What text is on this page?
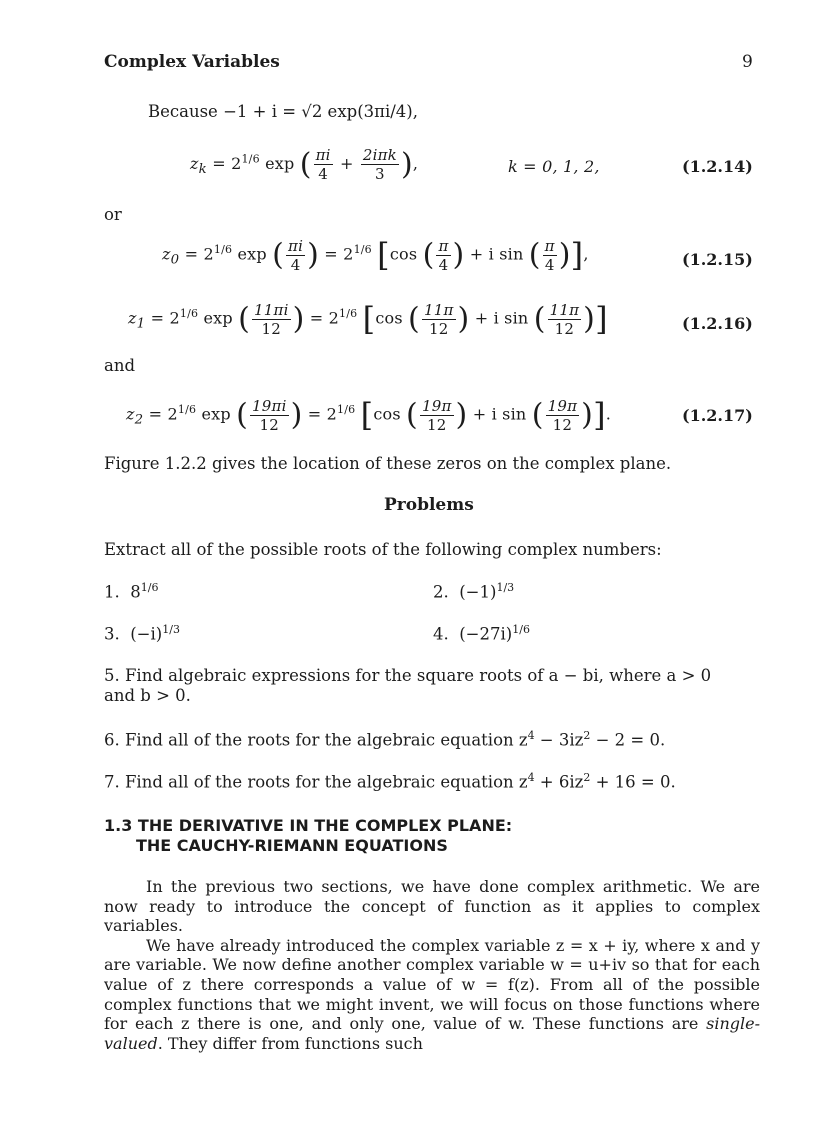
Complex Variables	9
Because −1 + i = √2 exp(3πi/4),
$z_k = 2^{1/6}$ exp ( $\frac{\pi i}{4} + \frac{\text{2iπk}}{3}$ ),	k = 0, 1, 2,	(1.2.14)
or
$z_0 = 2^{1/6}$ exp ( $\frac{\pi i}{4}$ ) = $2^{1/6}$ [cos ( $\frac{\pi}{4}$ ) + i sin ( $\frac{\pi}{4}$ )],	(1.2.15)
$z_1 = 2^{1/6}$ exp ( $\frac{11\pi i}{12}$ ) = $2^{1/6}$ [cos ( $\frac{11\pi}{12}$ ) + i sin ( $\frac{11\pi}{12}$ )]	(1.2.16)
and
$z_2 = 2^{1/6}$ exp ( $\frac{19\pi i}{12}$ ) = $2^{1/6}$ [cos ( $\frac{19\pi}{12}$ ) + i sin ( $\frac{19\pi}{12}$ )].	(1.2.17)
Figure 1.2.2 gives the location of these zeros on the complex plane.
Problems
Extract all of the possible roots of the following complex numbers:
1. $8^{1/6}$	2. $(-1)^{1/3}$
3. $(-i)^{1/3}$	4. $(-27i)^{1/6}$
5. Find algebraic expressions for the square roots of a − bi, where a > 0
and b > 0.
6. Find all of the roots for the algebraic equation $z^4 - 3iz^2 - 2 = 0$.
7. Find all of the roots for the algebraic equation $z^4 + 6iz^2 + 16 = 0$.
1.3 THE DERIVATIVE IN THE COMPLEX PLANE:
THE CAUCHY-RIEMANN EQUATIONS

In the previous two sections, we have done complex arithmetic. We are now ready to introduce the concept of function as it applies to complex variables.

We have already introduced the complex variable z = x + iy, where x and y are variable. We now define another complex variable w = u+iv so that for each value of z there corresponds a value of w = f(z). From all of the possible complex functions that we might invent, we will focus on those functions where for each z there is one, and only one, value of w. These functions are single-valued. They differ from functions such
